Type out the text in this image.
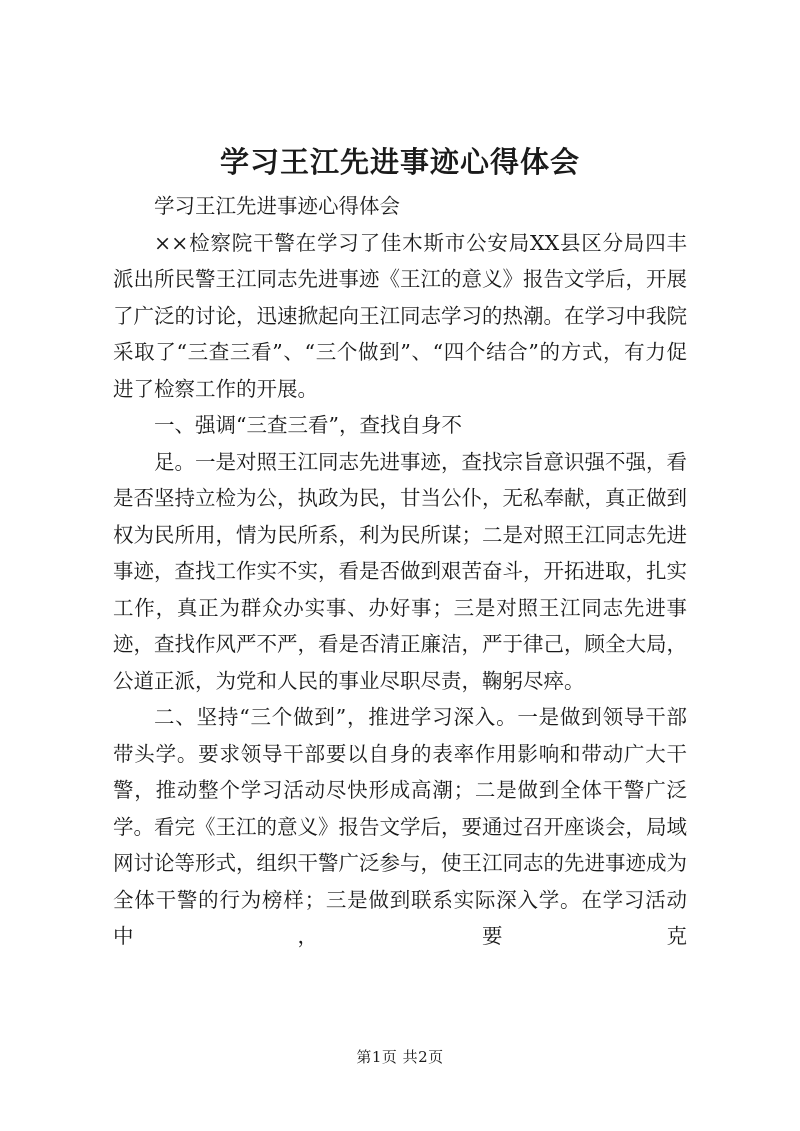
学习王江先进事迹心得体会

学习王江先进事迹心得体会

××检察院干警在学习了佳木斯市公安局XX县区分局四丰派出所民警王江同志先进事迹《王江的意义》报告文学后，开展了广泛的讨论，迅速掀起向王江同志学习的热潮。在学习中我院采取了“三查三看”、“三个做到”、“四个结合”的方式，有力促进了检察工作的开展。

一、强调“三查三看”，查找自身不

足。一是对照王江同志先进事迹，查找宗旨意识强不强，看是否坚持立检为公，执政为民，甘当公仆，无私奉献，真正做到权为民所用，情为民所系，利为民所谋；二是对照王江同志先进事迹，查找工作实不实，看是否做到艰苦奋斗，开拓进取，扎实工作，真正为群众办实事、办好事；三是对照王江同志先进事迹，查找作风严不严，看是否清正廉洁，严于律己，顾全大局，公道正派，为党和人民的事业尽职尽责，鞠躬尽瘁。

二、坚持“三个做到”，推进学习深入。一是做到领导干部带头学。要求领导干部要以自身的表率作用影响和带动广大干警，推动整个学习活动尽快形成高潮；二是做到全体干警广泛学。看完《王江的意义》报告文学后，要通过召开座谈会，局域网讨论等形式，组织干警广泛参与，使王江同志的先进事迹成为全体干警的行为榜样；三是做到联系实际深入学。在学习活动中，要克

第1页 共2页
